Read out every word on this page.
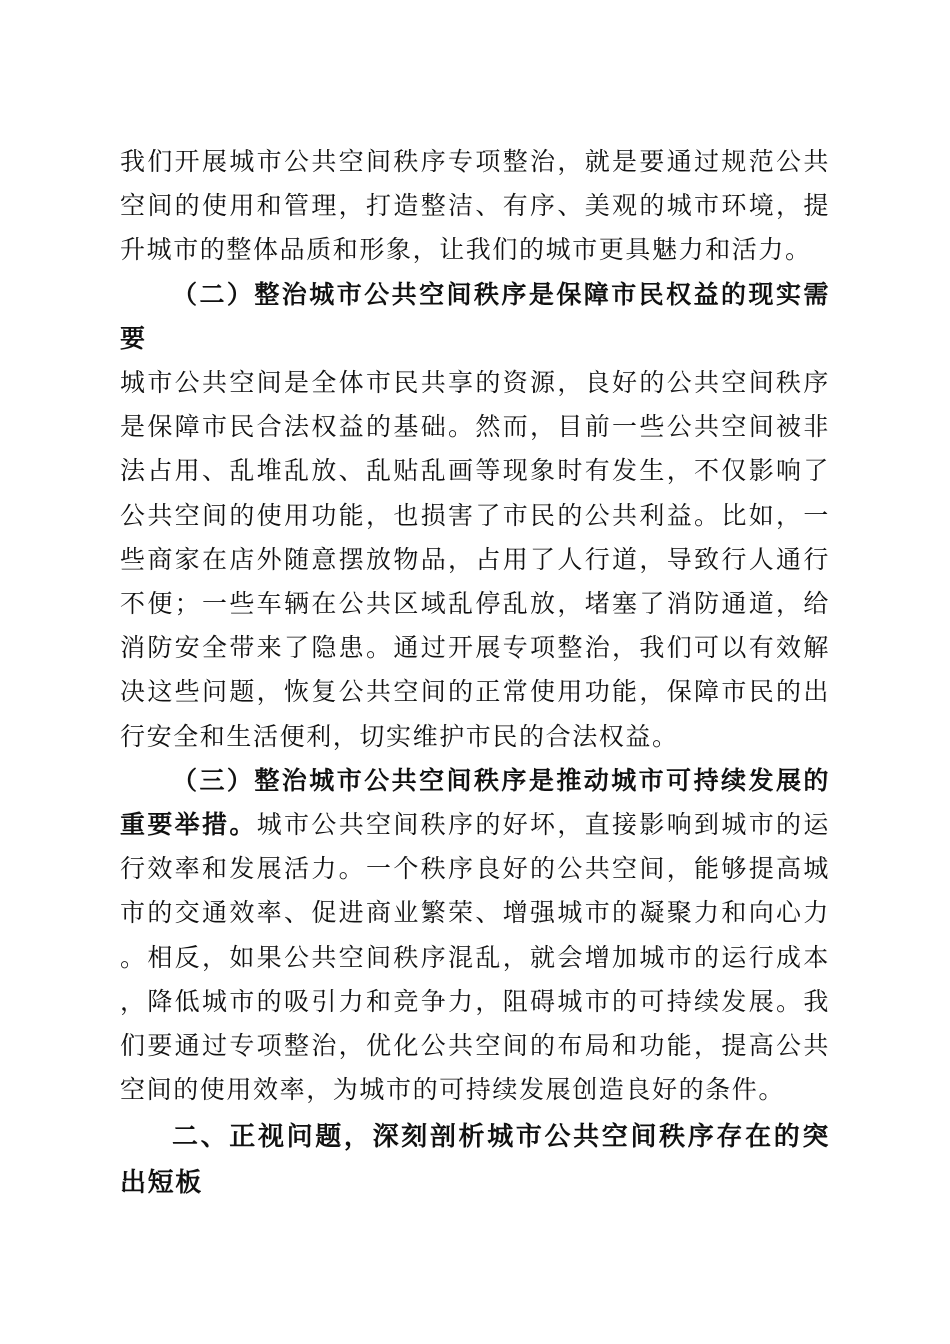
我们开展城市公共空间秩序专项整治，就是要通过规范公共空间的使用和管理，打造整洁、有序、美观的城市环境，提升城市的整体品质和形象，让我们的城市更具魅力和活力。

（二）整治城市公共空间秩序是保障市民权益的现实需要

城市公共空间是全体市民共享的资源，良好的公共空间秩序是保障市民合法权益的基础。然而，目前一些公共空间被非法占用、乱堆乱放、乱贴乱画等现象时有发生，不仅影响了公共空间的使用功能，也损害了市民的公共利益。比如，一些商家在店外随意摆放物品，占用了人行道，导致行人通行不便；一些车辆在公共区域乱停乱放，堵塞了消防通道，给消防安全带来了隐患。通过开展专项整治，我们可以有效解决这些问题，恢复公共空间的正常使用功能，保障市民的出行安全和生活便利，切实维护市民的合法权益。

（三）整治城市公共空间秩序是推动城市可持续发展的重要举措。城市公共空间秩序的好坏，直接影响到城市的运行效率和发展活力。一个秩序良好的公共空间，能够提高城市的交通效率、促进商业繁荣、增强城市的凝聚力和向心力。相反，如果公共空间秩序混乱，就会增加城市的运行成本，降低城市的吸引力和竞争力，阻碍城市的可持续发展。我们要通过专项整治，优化公共空间的布局和功能，提高公共空间的使用效率，为城市的可持续发展创造良好的条件。

二、正视问题，深刻剖析城市公共空间秩序存在的突出短板
